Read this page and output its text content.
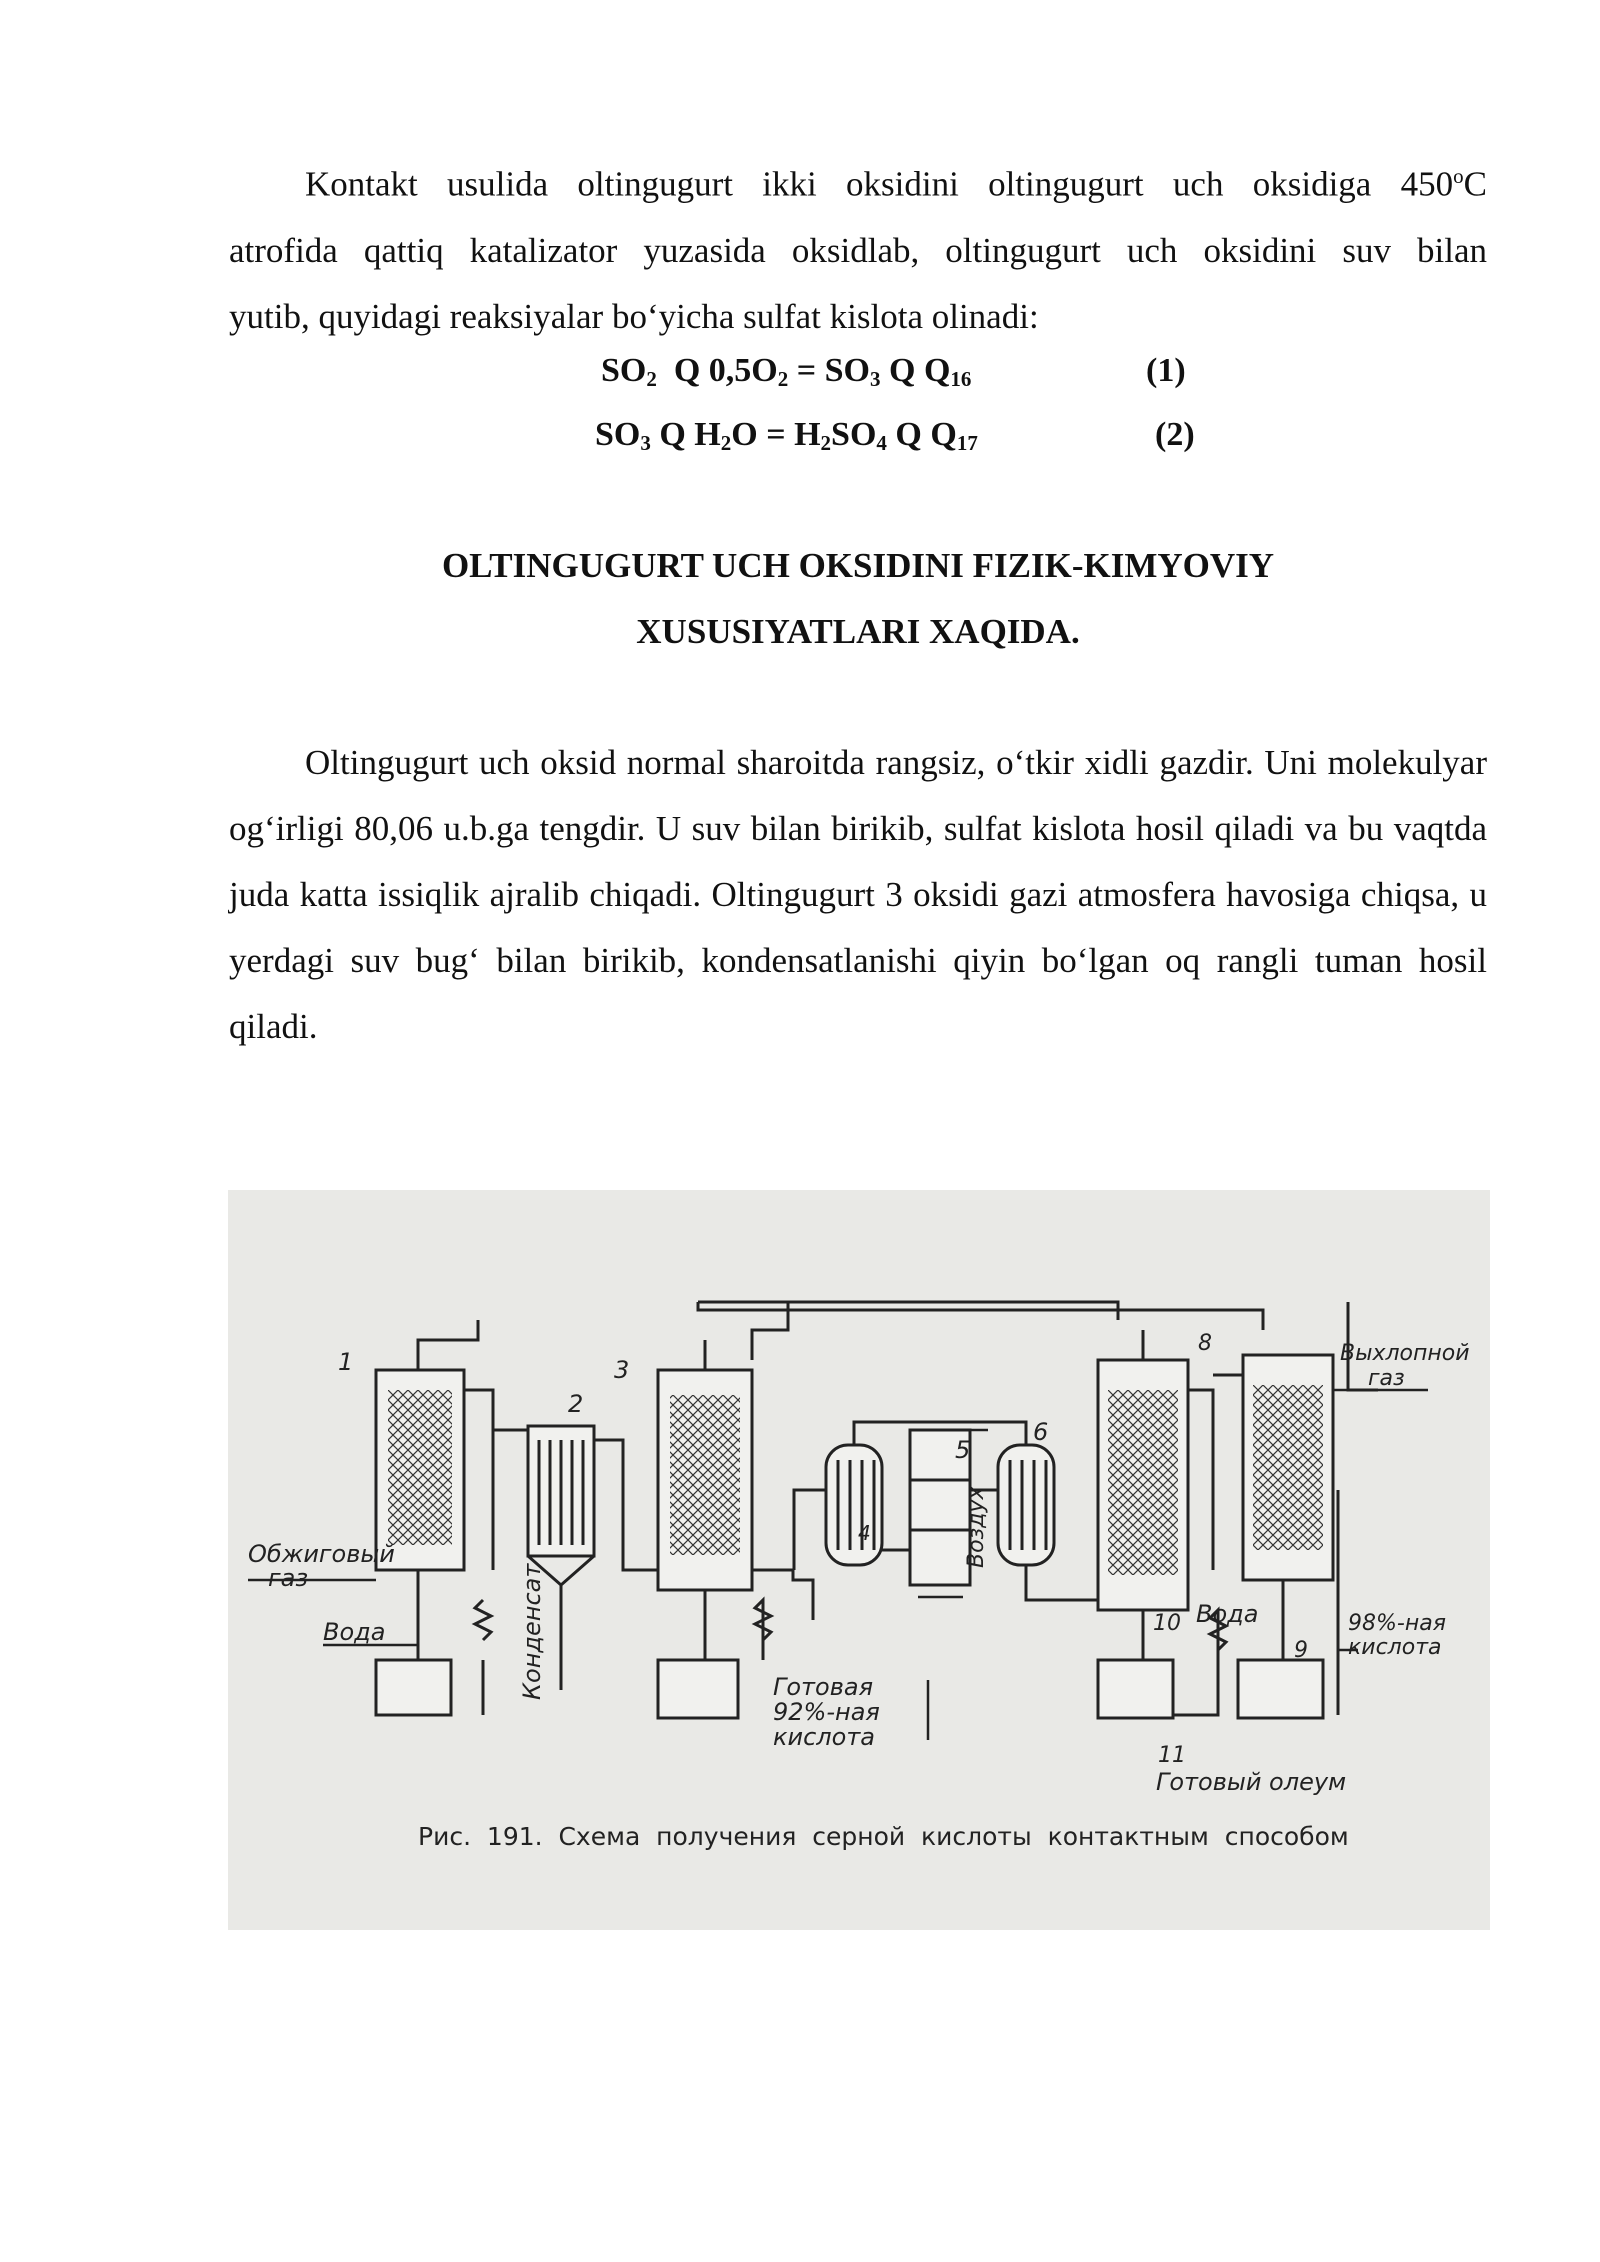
Kontakt usulida oltingugurt ikki oksidini oltingugurt uch oksidiga 450$^o$C
atrofida qattiq katalizator yuzasida oksidlab, oltingugurt uch oksidini suv bilan
yutib, quyidagi reaksiyalar bo‘yicha sulfat kislota olinadi:
$SO_2$  Q $0,5O_2 = SO_3$ Q $Q_{16}$	(1)
$SO_3$ Q $H_2O = H_2SO_4$ Q $Q_{17}$	(2)
OLTINGUGURT UCH OKSIDINI FIZIK-KIMYOVIY
XUSUSIYATLARI XAQIDA.
Oltingugurt uch oksid normal sharoitda rangsiz, o‘tkir xidli gazdir. Uni molekulyar og‘irligi 80,06 u.b.ga tengdir. U suv bilan birikib, sulfat kislota hosil qiladi va bu vaqtda juda katta issiqlik ajralib chiqadi. Oltingugurt 3 oksidi gazi atmosfera havosiga chiqsa, u yerdagi suv bug‘ bilan birikib, kondensatlanishi qiyin bo‘lgan oq rangli tuman hosil qiladi.
1
2
3
4
5
6
8
9
10
11
Обжиговый
газ
Вода	Конденсат
Воздух
Выхлопной
газ
Готовая
92%-ная
кислота
Вода	98%-ная
кислота
Готовый олеум
Рис.  191.  Схема  получения  серной  кислоты  контактным  способом
